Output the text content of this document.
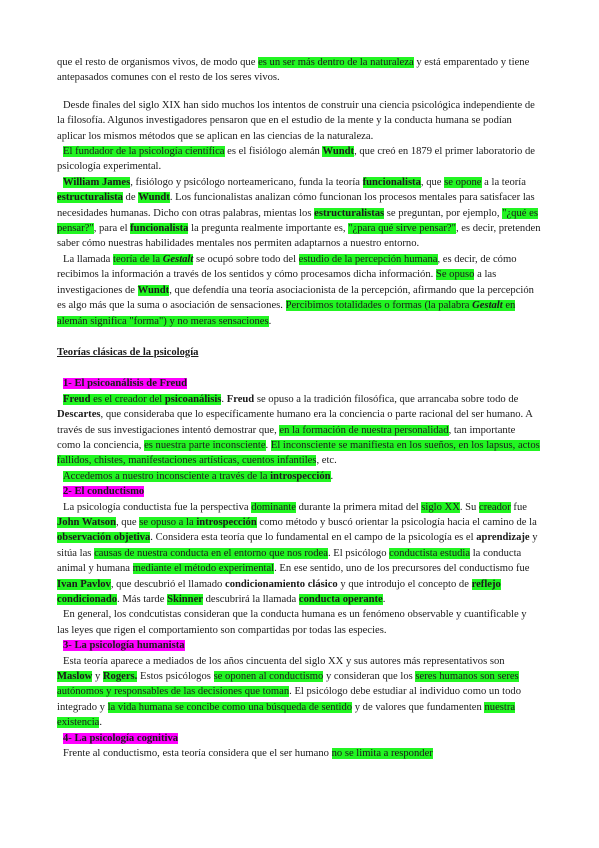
que el resto de organismos vivos, de modo que es un ser más dentro de la naturaleza y está emparentado y tiene antepasados comunes con el resto de los seres vivos.

Desde finales del siglo XIX han sido muchos los intentos de construir una ciencia psicológica independiente de la filosofía. Algunos investigadores pensaron que en el estudio de la mente y la conducta humana se podían aplicar los mismos métodos que se aplican en las ciencias de la naturaleza.

El fundador de la psicología científica es el fisiólogo alemán Wundt, que creó en 1879 el primer laboratorio de psicología experimental.

William James, fisiólogo y psicólogo norteamericano, funda la teoría funcionalista, que se opone a la teoría estructuralista de Wundt. Los funcionalistas analizan cómo funcionan los procesos mentales para satisfacer las necesidades humanas. Dicho con otras palabras, mientas los estructuralistas se preguntan, por ejemplo, "¿qué es pensar?", para el funcionalista la pregunta realmente importante es, "¿para qué sirve pensar?", es decir, pretenden saber cómo nuestras habilidades mentales nos permiten adaptarnos a nuestro entorno.

La llamada teoría de la Gestalt se ocupó sobre todo del estudio de la percepción humana, es decir, de cómo recibimos la información a través de los sentidos y cómo procesamos dicha información. Se opuso a las investigaciones de Wundt, que defendía una teoría asociacionista de la percepción, afirmando que la percepción es algo más que la suma o asociación de sensaciones. Percibimos totalidades o formas (la palabra Gestalt en alemán significa "forma") y no meras sensaciones.

Teorías clásicas de la psicología

1- El psicoanálisis de Freud

Freud es el creador del psicoanálisis. Freud se opuso a la tradición filosófica, que arrancaba sobre todo de Descartes, que consideraba que lo específicamente humano era la conciencia o parte racional del ser humano. A través de sus investigaciones intentó demostrar que, en la formación de nuestra personalidad, tan importante como la conciencia, es nuestra parte inconsciente. El inconsciente se manifiesta en los sueños, en los lapsus, actos fallidos, chistes, manifestaciones artísticas, cuentos infantiles, etc.

Accedemos a nuestro inconsciente a través de la introspección.

2- El conductismo

La psicología conductista fue la perspectiva dominante durante la primera mitad del siglo XX. Su creador fue John Watson, que se opuso a la introspección como método y buscó orientar la psicología hacia el camino de la observación objetiva. Considera esta teoría que lo fundamental en el campo de la psicología es el aprendizaje y sitúa las causas de nuestra conducta en el entorno que nos rodea. El psicólogo conductista estudia la conducta animal y humana mediante el método experimental. En ese sentido, uno de los precursores del conductismo fue Ivan Pavlov, que descubrió el llamado condicionamiento clásico y que introdujo el concepto de reflejo condicionado. Más tarde Skinner descubrirá la llamada conducta operante.

En general, los condcutistas consideran que la conducta humana es un fenómeno observable y cuantificable y las leyes que rigen el comportamiento son compartidas por todas las especies.

3- La psicología humanista

Esta teoría aparece a mediados de los años cincuenta del siglo XX y sus autores más representativos son Maslow y Rogers. Estos psicólogos se oponen al conductismo y consideran que los seres humanos son seres autónomos y responsables de las decisiones que toman. El psicólogo debe estudiar al individuo como un todo integrado y la vida humana se concibe como una búsqueda de sentido y de valores que fundamenten nuestra existencia.

4- La psicología cognitiva

Frente al conductismo, esta teoría considera que el ser humano no se limita a responder
